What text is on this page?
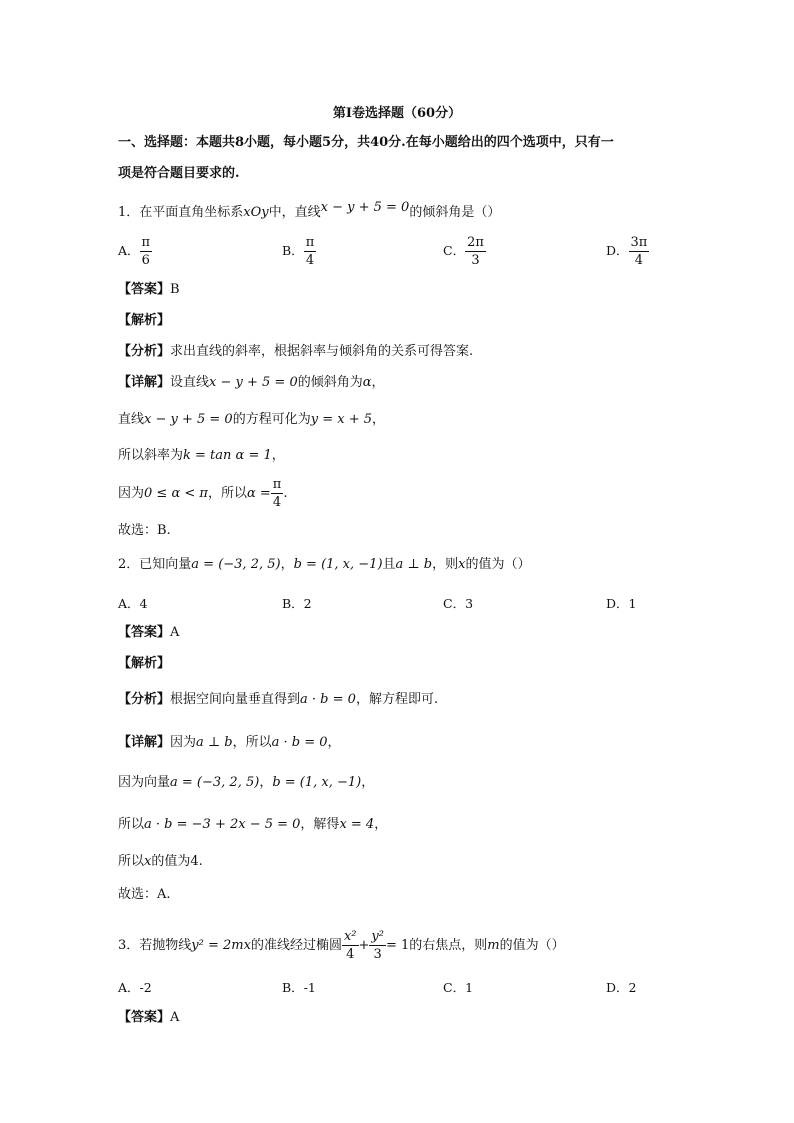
第Ⅰ卷选择题（60分）
一、选择题：本题共8小题，每小题5分，共40分.在每小题给出的四个选项中，只有一
项是符合题目要求的.
1．在平面直角坐标系xOy中，直线x − y + 5 = 0的倾斜角是（）
A． $\frac{\pi}{6}$	B． $\frac{\pi}{4}$	C． $\frac{2\pi}{3}$	D． $\frac{3\pi}{4}$
【答案】B
【解析】
【分析】求出直线的斜率，根据斜率与倾斜角的关系可得答案.
【详解】设直线x − y + 5 = 0的倾斜角为α，
直线x − y + 5 = 0的方程可化为y = x + 5，
所以斜率为k = tan α = 1，
因为0 ≤ α < π，所以$\alpha = \frac{\pi}{4}$ .
故选：B.
2．已知向量a = (−3, 2, 5)，b = (1, x, −1)且a ⊥ b，则x的值为（）
A．4	B．2	C．3	D．1
【答案】A
【解析】
【分析】根据空间向量垂直得到a · b = 0，解方程即可.
【详解】因为a ⊥ b，所以a · b = 0，
因为向量a = (−3, 2, 5)，b = (1, x, −1)，
所以a · b = −3 + 2x − 5 = 0，解得x = 4，
所以x的值为4.
故选：A.
3．若抛物线y² = 2mx的准线经过椭圆 $\frac{\text{x²}}{4} + \frac{\text{y²}}{3} = 1$的右焦点，则m的值为（）
A．-2	B．-1	C．1	D．2
【答案】A
